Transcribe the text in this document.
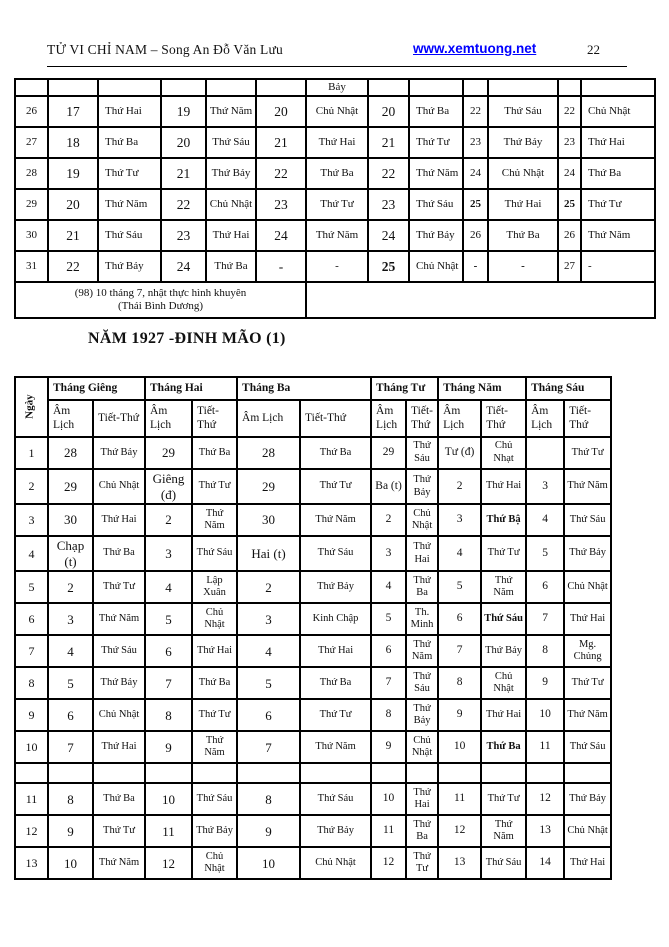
TỬ VI CHỈ NAM – Song An Đỗ Văn Lưu	www.xemtuong.net	22
						Bảy						
26	17	Thứ Hai	19	Thứ Năm	20	Chủ Nhật	20	Thứ Ba	22	Thứ Sáu	22	Chủ Nhật
27	18	Thứ Ba	20	Thứ Sáu	21	Thứ Hai	21	Thứ Tư	23	Thứ Bảy	23	Thứ Hai
28	19	Thứ Tư	21	Thứ Bảy	22	Thứ Ba	22	Thứ Năm	24	Chủ Nhật	24	Thứ Ba
29	20	Thứ Năm	22	Chủ Nhật	23	Thứ Tư	23	Thứ Sáu	25	Thứ Hai	25	Thứ Tư
30	21	Thứ Sáu	23	Thứ Hai	24	Thứ Năm	24	Thứ Bảy	26	Thứ Ba	26	Thứ Năm
31	22	Thứ Bảy	24	Thứ Ba	-	-	25	Chủ Nhật	-	-	27	-

(98) 10 tháng 7, nhật thực hình khuyên
(Thái Bình Dương)												

NĂM 1927 -ĐINH MÃO (1)
Ngày	Tháng Giêng		Tháng Hai		Tháng Ba		Tháng Tư		Tháng Năm		Tháng Sáu	
	Âm Lịch	Tiết-Thứ	Âm Lịch	Tiết-Thứ	Âm Lịch	Tiết-Thứ	Âm Lịch	Tiết-Thứ	Âm Lịch	Tiết-Thứ	Âm Lịch	Tiết-Thứ
1	28	Thứ Bảy	29	Thứ Ba	28	Thứ Ba	29	Thứ Sáu	Tư (đ)	Chủ Nhạt		Thứ Tư
2	29	Chủ Nhật	Giêng (đ)	Thứ Tư	29	Thứ Tư	Ba (t)	Thứ Bảy	2	Thứ Hai	3	Thứ Năm
3	30	Thứ Hai	2	Thứ Năm	30	Thứ Năm	2	Chủ Nhật	3	Thứ Bậ	4	Thứ Sáu
4	Chạp (t)	Thứ Ba	3	Thứ Sáu	Hai (t)	Thứ Sáu	3	Thứ Hai	4	Thứ Tư	5	Thứ Bảy
5	2	Thứ Tư	4	Lập Xuân	2	Thứ Bảy	4	Thứ Ba	5	Thứ Năm	6	Chủ Nhật
6	3	Thứ Năm	5	Chủ Nhật	3	Kinh Chập	5	Th. Minh	6	Thứ Sáu	7	Thứ Hai
7	4	Thứ Sáu	6	Thứ Hai	4	Thứ Hai	6	Thứ Năm	7	Thứ Bảy	8	Mg. Chủng
8	5	Thứ Bảy	7	Thứ Ba	5	Thứ Ba	7	Thứ Sáu	8	Chủ Nhật	9	Thứ Tư
9	6	Chủ Nhật	8	Thứ Tư	6	Thứ Tư	8	Thứ Bảy	9	Thứ Hai	10	Thứ Năm
10	7	Thứ Hai	9	Thứ Năm	7	Thứ Năm	9	Chủ Nhật	10	Thứ Ba	11	Thứ Sáu

11	8	Thứ Ba	10	Thứ Sáu	8	Thứ Sáu	10	Thứ Hai	11	Thứ Tư	12	Thứ Bảy
12	9	Thứ Tư	11	Thứ Bảy	9	Thứ Bảy	11	Thứ Ba	12	Thứ Năm	13	Chủ Nhật
13	10	Thứ Năm	12	Chủ Nhật	10	Chủ Nhật	12	Thứ Tư	13	Thứ Sáu	14	Thứ Hai
